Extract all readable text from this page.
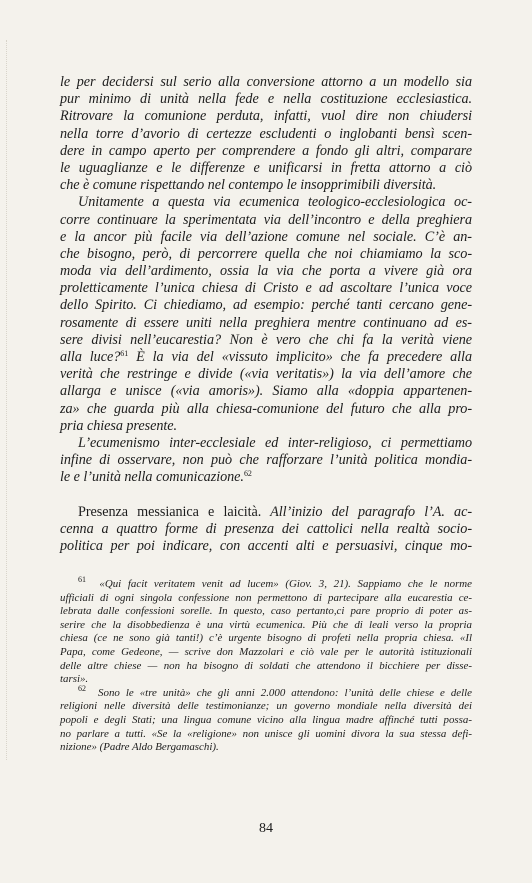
le per decidersi sul serio alla conversione attorno a un modello sia
pur minimo di unità nella fede e nella costituzione ecclesiastica.
Ritrovare la comunione perduta, infatti, vuol dire non chiudersi
nella torre d’avorio di certezze escludenti o inglobanti bensì scen-
dere in campo aperto per comprendere a fondo gli altri, comparare
le uguaglianze e le differenze e unificarsi in fretta attorno a ciò
che è comune rispettando nel contempo le insopprimibili diversità.
Unitamente a questa via ecumenica teologico-ecclesiologica oc-
corre continuare la sperimentata via dell’incontro e della preghiera
e la ancor più facile via dell’azione comune nel sociale. C’è an-
che bisogno, però, di percorrere quella che noi chiamiamo la sco-
moda via dell’ardimento, ossia la via che porta a vivere già ora
proletticamente l’unica chiesa di Cristo e ad ascoltare l’unica voce
dello Spirito. Ci chiediamo, ad esempio: perché tanti cercano gene-
rosamente di essere uniti nella preghiera mentre continuano ad es-
sere divisi nell’eucarestia? Non è vero che chi fa la verità viene
alla luce?$^{61}$ È la via del «vissuto implicito» che fa precedere alla
verità che restringe e divide («via veritatis») la via dell’amore che
allarga e unisce («via amoris»). Siamo alla «doppia appartenen-
za» che guarda più alla chiesa-comunione del futuro che alla pro-
pria chiesa presente.
L’ecumenismo inter-ecclesiale ed inter-religioso, ci permettiamo
infine di osservare, non può che rafforzare l’unità politica mondia-
le e l’unità nella comunicazione.$^{62}$
Presenza messianica e laicità. All’inizio del paragrafo l’A. ac-
cenna a quattro forme di presenza dei cattolici nella realtà socio-
politica per poi indicare, con accenti alti e persuasivi, cinque mo-
$^{61}$ «Qui facit veritatem venit ad lucem» (Giov. 3, 21). Sappiamo che le norme
ufficiali di ogni singola confessione non permettono di partecipare alla eucarestia ce-
lebrata dalle confessioni sorelle. In questo, caso pertanto,ci pare proprio di poter as-
serire che la disobbedienza è una virtù ecumenica. Più che di leali verso la propria
chiesa (ce ne sono già tanti!) c’è urgente bisogno di profeti nella propria chiesa. «Il
Papa, come Gedeone, — scrive don Mazzolari e ciò vale per le autorità istituzionali
delle altre chiese — non ha bisogno di soldati che attendono il bicchiere per disse-
tarsi».
$^{62}$ Sono le «tre unità» che gli anni 2.000 attendono: l’unità delle chiese e delle
religioni nelle diversità delle testimonianze; un governo mondiale nella diversità dei
popoli e degli Stati; una lingua comune vicino alla lingua madre affinché tutti possa-
no parlare a tutti. «Se la «religione» non unisce gli uomini divora la sua stessa defi-
nizione» (Padre Aldo Bergamaschi).
84
